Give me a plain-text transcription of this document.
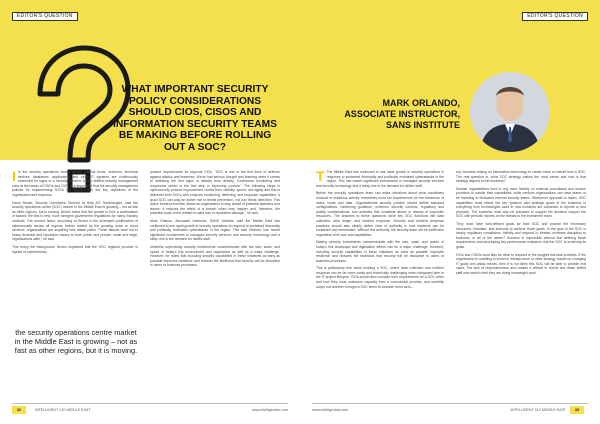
EDITOR'S QUESTION
WHAT IMPORTANT SECURITY POLICY CONSIDERATIONS SHOULD CIOS, CISOS AND INFORMATION SECURITY TEAMS BE MAKING BEFORE ROLLING OUT A SOC?

I In the security operations centre (SOC), internal techs, networks, technical devices, databases, applications and other IT systems are continuously examined for signs of a security incident. A fully staffed security management crew at the heads of CISOs and CIOs, it is imperative that the security management policies for implementing SOCs are aligned with the key objectives of the organisation and business.

David Brown, Security Operations Director at Help AG Technologies, said the security operations centre (SOC) market in the Middle East is growing – not as fast as other regions, but is moving. Brown noted that the growth is from a combination of factors: the first is new, more stringent government regulations for many industry verticals. The second factor, according to Brown is the increased proliferation of cybersecurity across all regions, further fuelled by the growing move to cloud services, organisations are acquiring new attack paths. These attacks have led to heavy financial and reputation losses to both public and private, small and large, organisations alike,” he said.

This being the background, Brown explained that the SOC regional provider is myriad of cybersecurity

posture requirements for regional CIOs. “SOC is one of the first lines of defence against attacks and breaches. We’ve had serious thought and learning when it comes to detecting the first signs of attacks from activity. Continuous monitoring and responsive action is the first step in improving posture.” The following steps in cybersecurity posture improvement comes from visibility, speed, and agility and this is delivered from SOCs with endpoint monitoring, detecting, and response capabilities. A good SOC can play an active role in threat prevention, not just threat detection. This active threat prevention allows an organisation to stay ahead of potential attackers and issues. It reduces the effect of a breach when they happen and, therefore, the potential costs of the related re-data loss in reputation damage,” he said.

Mark Orlando, Associate Instructor, SANS Institute, said the Middle East has continued to see rapid growth in security operations to respond to sustained financially and politically motivated cyberattacks in the region. This said Orlando, has meant significant investments in managed security services and security technology and a steep rise in the demand for skilled staff.

Umbrella supervising security investments commensurate with the size, scale, and speed of today’s risk environment and regulations as well as a major challenge. However, he noted that including security capabilities in these initiatives as early as possible improves resilience and reduces the likelihood that security will be disruptive to users or business processes.

the security operations centre market in the Middle East is growing – not as fast as other regions, but it is moving.
32	INTELLIGENT CIO MIDDLE EAST	www.intelligentcio.com
EDITOR'S QUESTION
MARK ORLANDO, ASSOCIATE INSTRUCTOR, SANS INSTITUTE

T The Middle East has continued to see rapid growth in security operations in response to sustained financially and politically motivated cyberattacks in the region. This has meant significant investments in managed security services and security technology and a steep rise in the demand for skilled staff.

Before the security operations team can make decisions about what constitutes unusual or malicious activity, executives must set requirements for the behaviour of users, hosts and data. Organisational security policies should define standard configurations, hardening guidance, minimum security controls, regulatory and quality considerations, and activities that constitute abuse or misuse of corporate resources. The answers to these questions drive key SOC functions like data collection, alert triage, and incident response. Security and incident response practices should also clearly define lines of authority in how incidents can be contained and remediated. Without this authority, the security team will be ineffective regardless of its size and capabilities.

Making security investments commensurate with the size, scale, and speed of today’s risk landscape and digitisation efforts can be a major challenge. However, including security capabilities in these initiatives as early as possible improves resilience and reduces the likelihood that security will be disruptive to users or business processes.

This is particularly true when building a SOC, where data collection and incident response can be far more costly and technically challenging when integrated later in the IT project lifecycle. CIOs should also consider their requirements for a SOC when and how they must outsource capacity from a commercial provider, and carefully scope out whether to begin a SOC when to consider them as to...

ory, business relying on information technology to create value on behalf from a SOC. The real question is, what SOC strategy makes the most sense and how is that strategy aligned to the business?

Smaller organisations tend to rely more heavily on external consultants and service providers to handle their capabilities, while medium organisations can have teams or be investing in dedicated internal security teams. Whichever approach is taken, SOC capabilities must reflect the key systems and strategic goals of the business in everything from technologies used to how incidents are contained to reports to and products. The business must also be prepared to support the decision support the SOC with periodic reports on the threats to the investment team.

They must have well-defined goals for their SOC and provide the necessary resources, mandate, and authority to achieve those goals. In the goal of the SOC is simply regulatory compliance, identify and respond to threats, minimise disruption to business, or all of the above? Success is impossible without first defining those requirements and developing key performance indicators that the SOC is achieving its goals.

CIOs and CISOs must also be clear to respond to the insights this task provides. If the organisation is unwilling to invest in infrastructure or other strategy, based on changing IT goals and attack trends, then it is not likely this SOC will be able to provide real value. The lack of responsiveness also makes it difficult to recruit and retain skilled staff who want to feel they are doing meaningful work.

www.intelligentcio.com	INTELLIGENT CIO MIDDLE EAST	33
